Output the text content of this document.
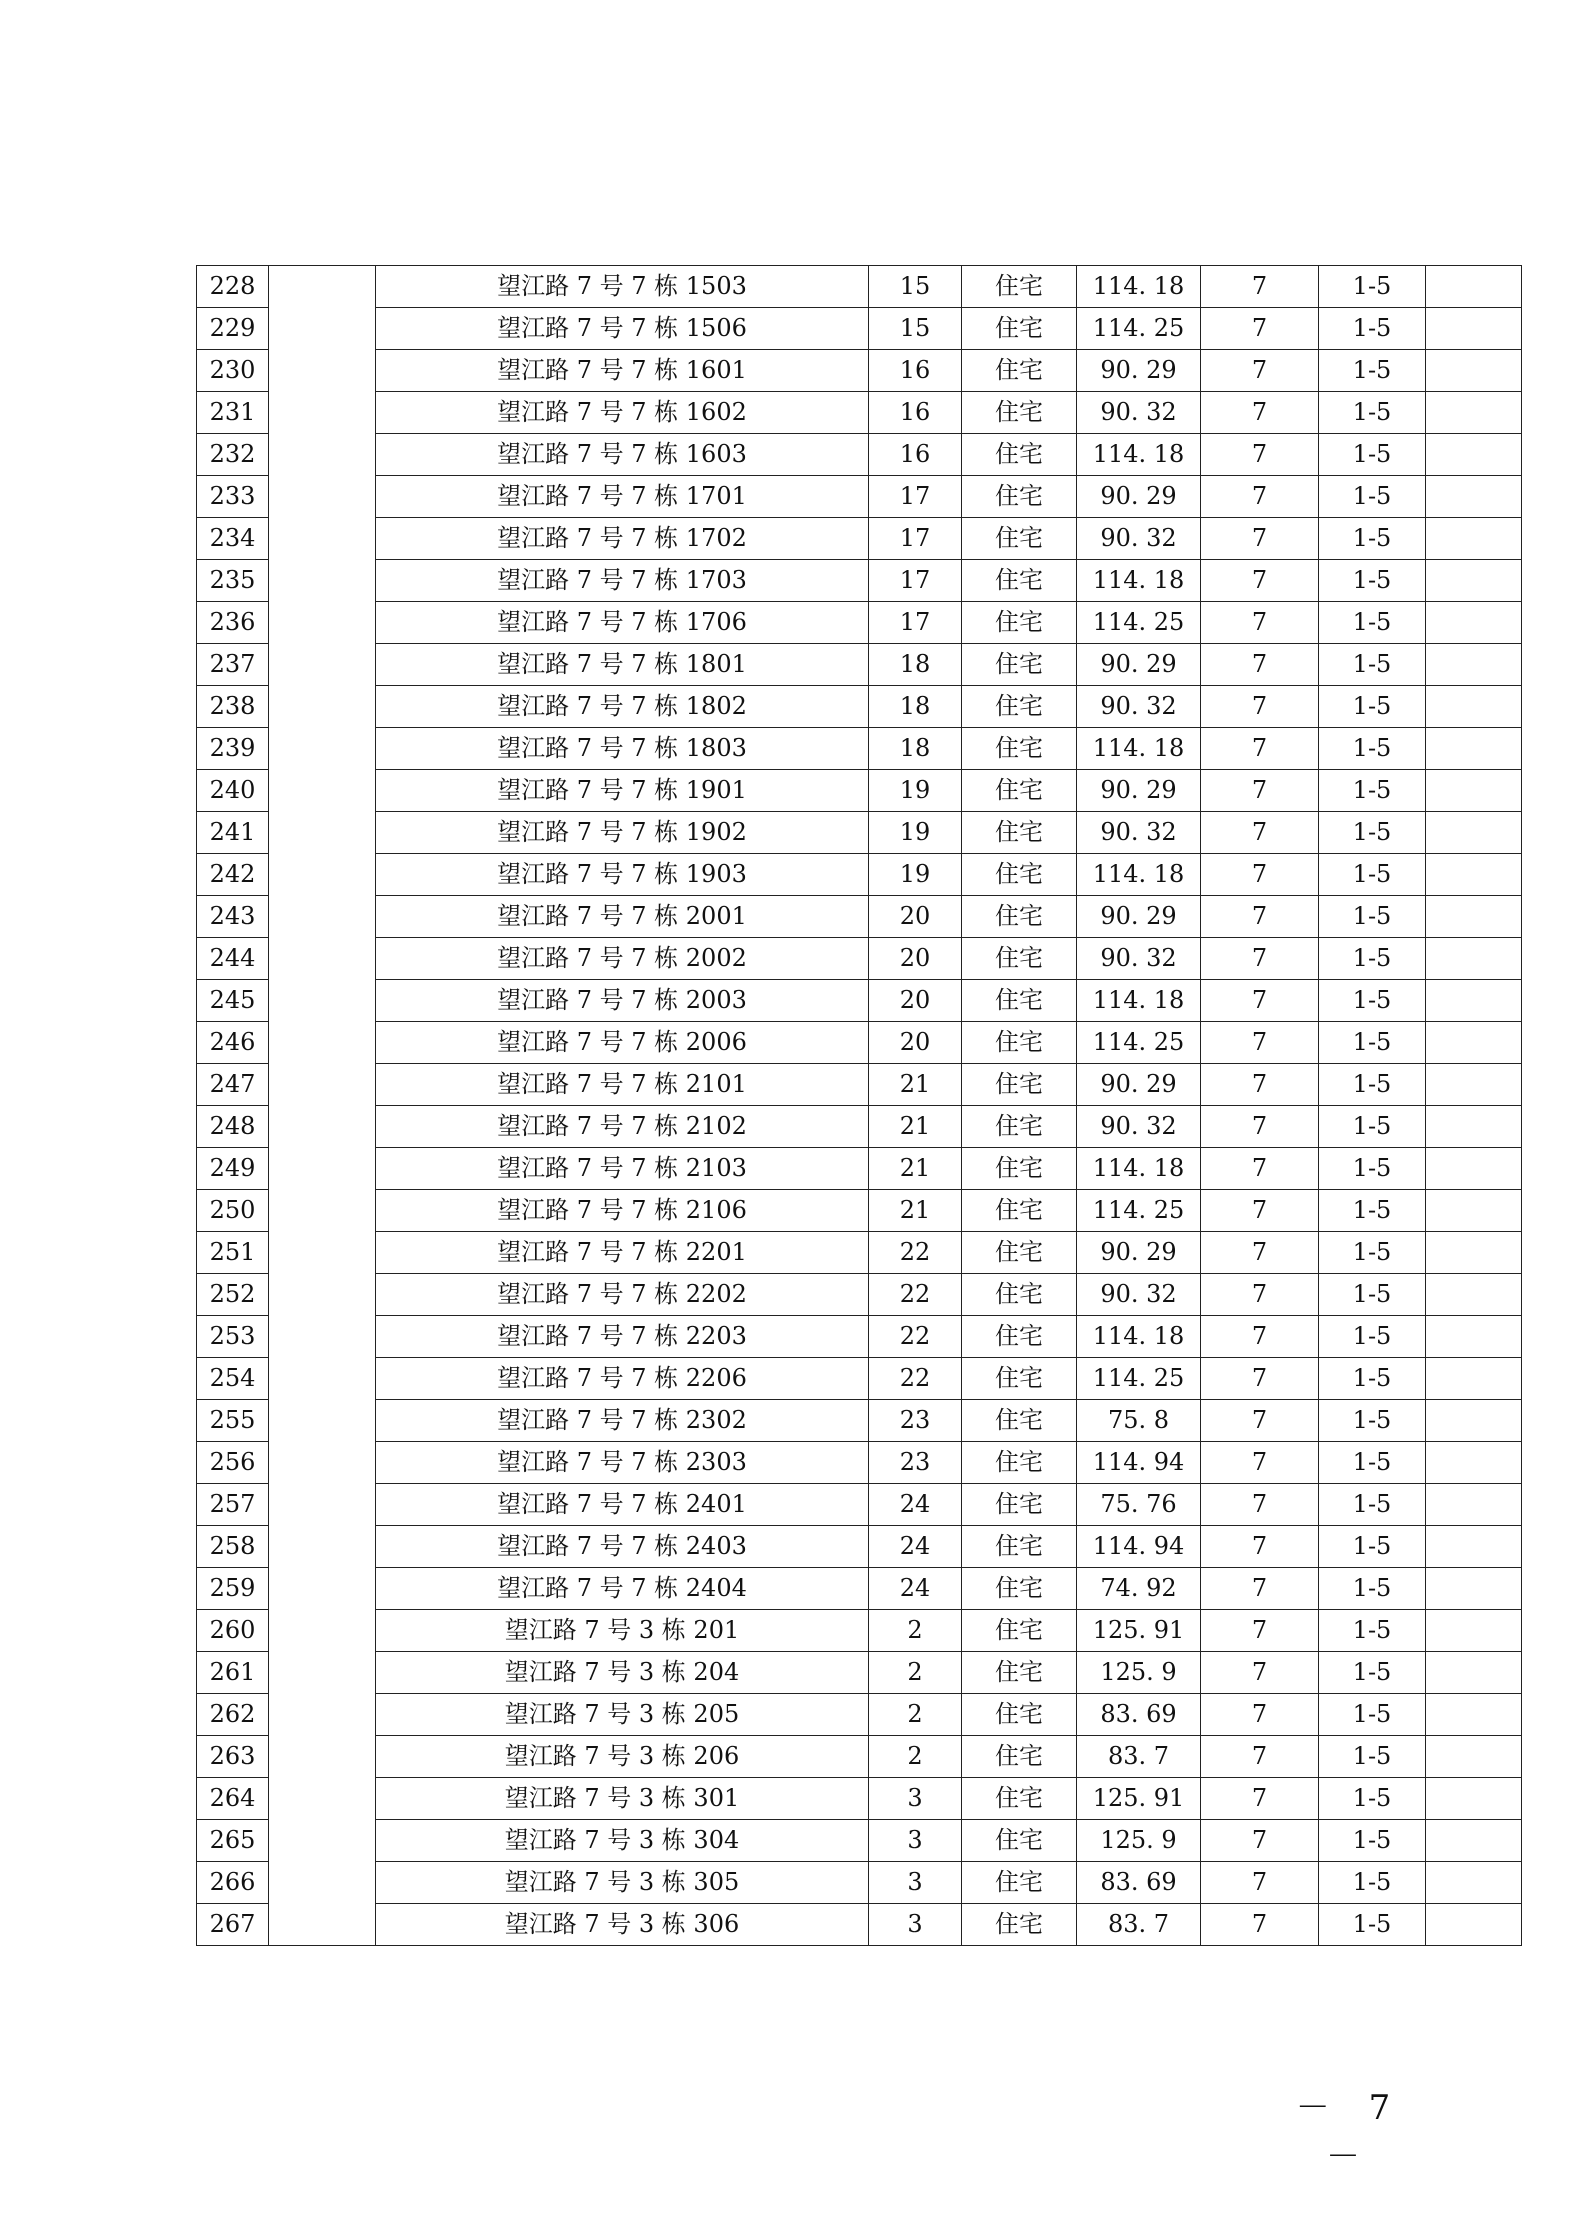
228		望江路 7 号 7 栋 1503	15	住宅	114. 18	7	1-5	
229		望江路 7 号 7 栋 1506	15	住宅	114. 25	7	1-5	
230		望江路 7 号 7 栋 1601	16	住宅	90. 29	7	1-5	
231		望江路 7 号 7 栋 1602	16	住宅	90. 32	7	1-5	
232		望江路 7 号 7 栋 1603	16	住宅	114. 18	7	1-5	
233		望江路 7 号 7 栋 1701	17	住宅	90. 29	7	1-5	
234		望江路 7 号 7 栋 1702	17	住宅	90. 32	7	1-5	
235		望江路 7 号 7 栋 1703	17	住宅	114. 18	7	1-5	
236		望江路 7 号 7 栋 1706	17	住宅	114. 25	7	1-5	
237		望江路 7 号 7 栋 1801	18	住宅	90. 29	7	1-5	
238		望江路 7 号 7 栋 1802	18	住宅	90. 32	7	1-5	
239		望江路 7 号 7 栋 1803	18	住宅	114. 18	7	1-5	
240		望江路 7 号 7 栋 1901	19	住宅	90. 29	7	1-5	
241		望江路 7 号 7 栋 1902	19	住宅	90. 32	7	1-5	
242		望江路 7 号 7 栋 1903	19	住宅	114. 18	7	1-5	
243		望江路 7 号 7 栋 2001	20	住宅	90. 29	7	1-5	
244		望江路 7 号 7 栋 2002	20	住宅	90. 32	7	1-5	
245		望江路 7 号 7 栋 2003	20	住宅	114. 18	7	1-5	
246		望江路 7 号 7 栋 2006	20	住宅	114. 25	7	1-5	
247		望江路 7 号 7 栋 2101	21	住宅	90. 29	7	1-5	
248		望江路 7 号 7 栋 2102	21	住宅	90. 32	7	1-5	
249		望江路 7 号 7 栋 2103	21	住宅	114. 18	7	1-5	
250		望江路 7 号 7 栋 2106	21	住宅	114. 25	7	1-5	
251		望江路 7 号 7 栋 2201	22	住宅	90. 29	7	1-5	
252		望江路 7 号 7 栋 2202	22	住宅	90. 32	7	1-5	
253		望江路 7 号 7 栋 2203	22	住宅	114. 18	7	1-5	
254		望江路 7 号 7 栋 2206	22	住宅	114. 25	7	1-5	
255		望江路 7 号 7 栋 2302	23	住宅	75. 8	7	1-5	
256		望江路 7 号 7 栋 2303	23	住宅	114. 94	7	1-5	
257		望江路 7 号 7 栋 2401	24	住宅	75. 76	7	1-5	
258		望江路 7 号 7 栋 2403	24	住宅	114. 94	7	1-5	
259		望江路 7 号 7 栋 2404	24	住宅	74. 92	7	1-5	
260		望江路 7 号 3 栋 201	2	住宅	125. 91	7	1-5	
261		望江路 7 号 3 栋 204	2	住宅	125. 9	7	1-5	
262		望江路 7 号 3 栋 205	2	住宅	83. 69	7	1-5	
263		望江路 7 号 3 栋 206	2	住宅	83. 7	7	1-5	
264		望江路 7 号 3 栋 301	3	住宅	125. 91	7	1-5	
265		望江路 7 号 3 栋 304	3	住宅	125. 9	7	1-5	
266		望江路 7 号 3 栋 305	3	住宅	83. 69	7	1-5	
267		望江路 7 号 3 栋 306	3	住宅	83. 7	7	1-5	
－ 7 －
